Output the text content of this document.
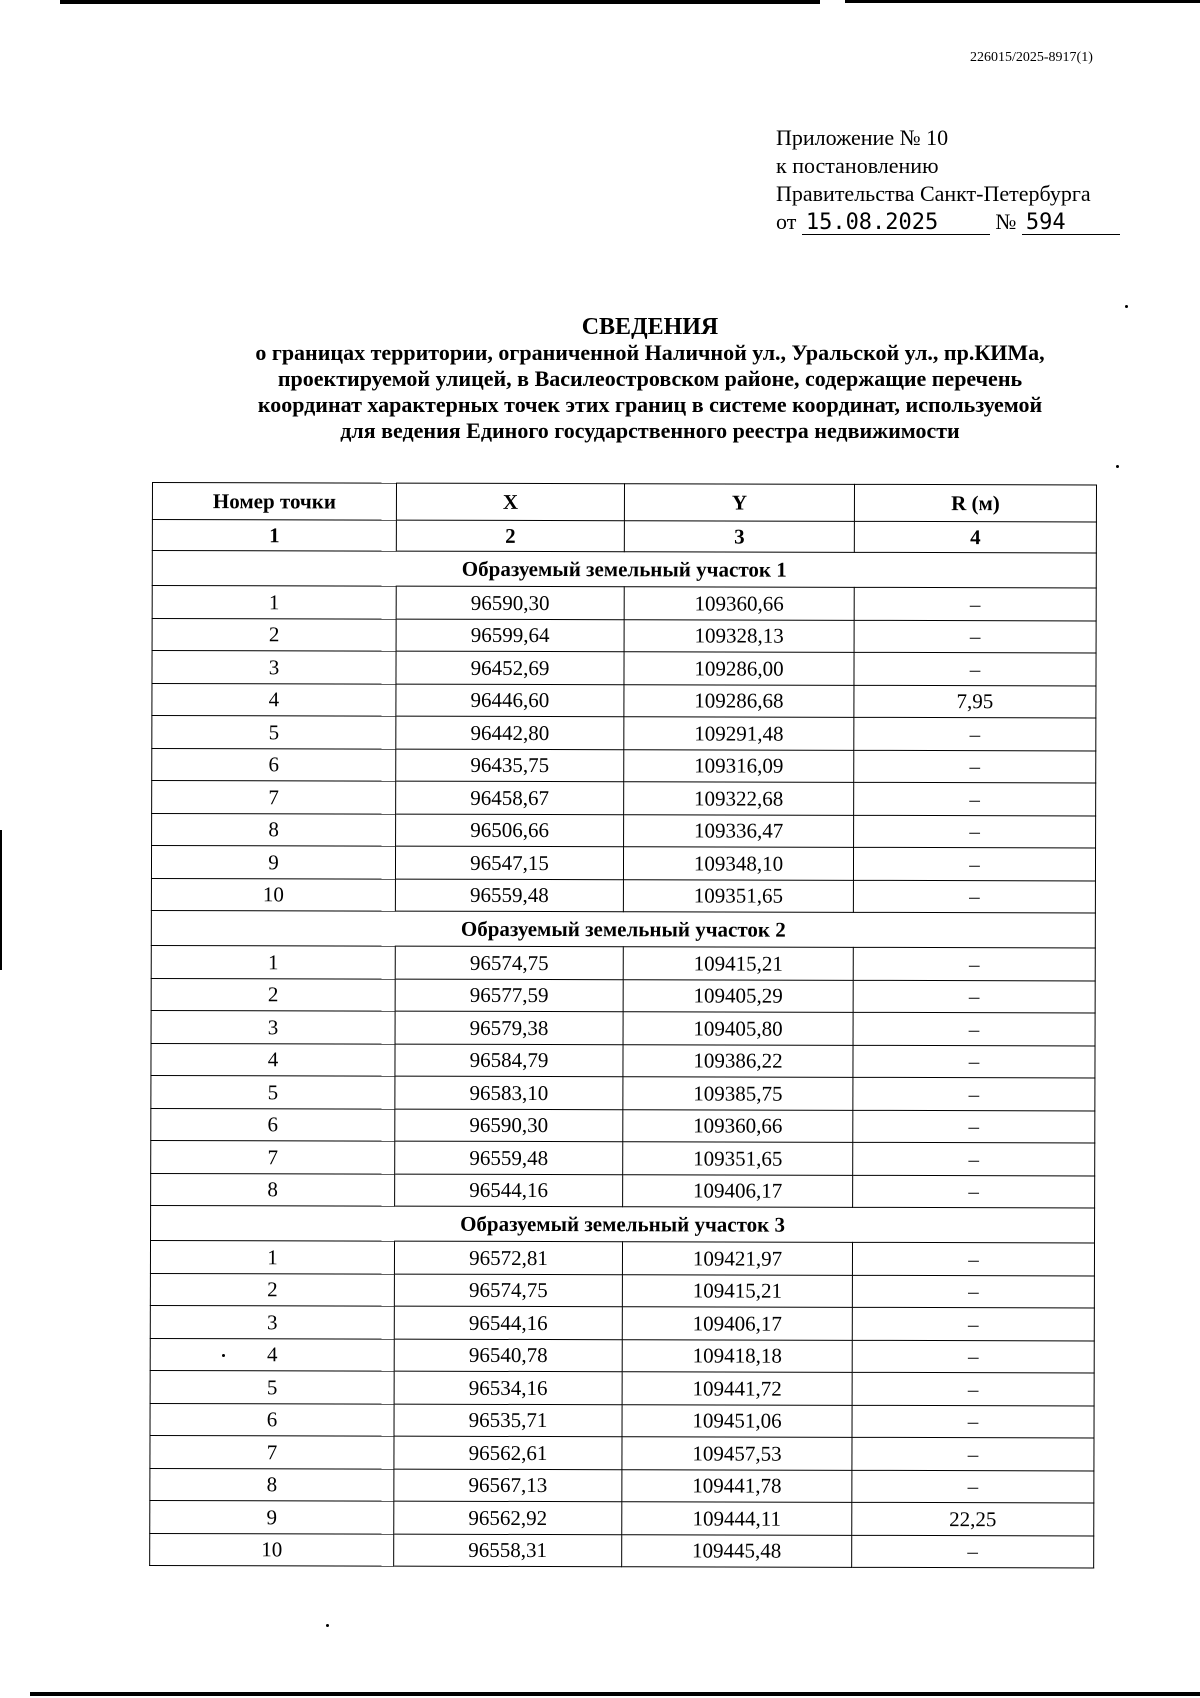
226015/2025-8917(1)
Приложение № 10
к постановлению
Правительства Санкт-Петербурга
от 15.08.2025	№ 594
СВЕДЕНИЯ
о границах территории, ограниченной Наличной ул., Уральской ул., пр.КИМа,
проектируемой улицей, в Василеостровском районе, содержащие перечень
координат характерных точек этих границ в системе координат, используемой
для ведения Единого государственного реестра недвижимости
Номер точки	X	Y	R (м)
1	2	3	4
Образуемый земельный участок 1			
1	96590,30	109360,66	–
2	96599,64	109328,13	–
3	96452,69	109286,00	–
4	96446,60	109286,68	7,95
5	96442,80	109291,48	–
6	96435,75	109316,09	–
7	96458,67	109322,68	–
8	96506,66	109336,47	–
9	96547,15	109348,10	–
10	96559,48	109351,65	–
Образуемый земельный участок 2			
1	96574,75	109415,21	–
2	96577,59	109405,29	–
3	96579,38	109405,80	–
4	96584,79	109386,22	–
5	96583,10	109385,75	–
6	96590,30	109360,66	–
7	96559,48	109351,65	–
8	96544,16	109406,17	–
Образуемый земельный участок 3			
1	96572,81	109421,97	–
2	96574,75	109415,21	–
3	96544,16	109406,17	–
4	96540,78	109418,18	–
5	96534,16	109441,72	–
6	96535,71	109451,06	–
7	96562,61	109457,53	–
8	96567,13	109441,78	–
9	96562,92	109444,11	22,25
10	96558,31	109445,48	–
